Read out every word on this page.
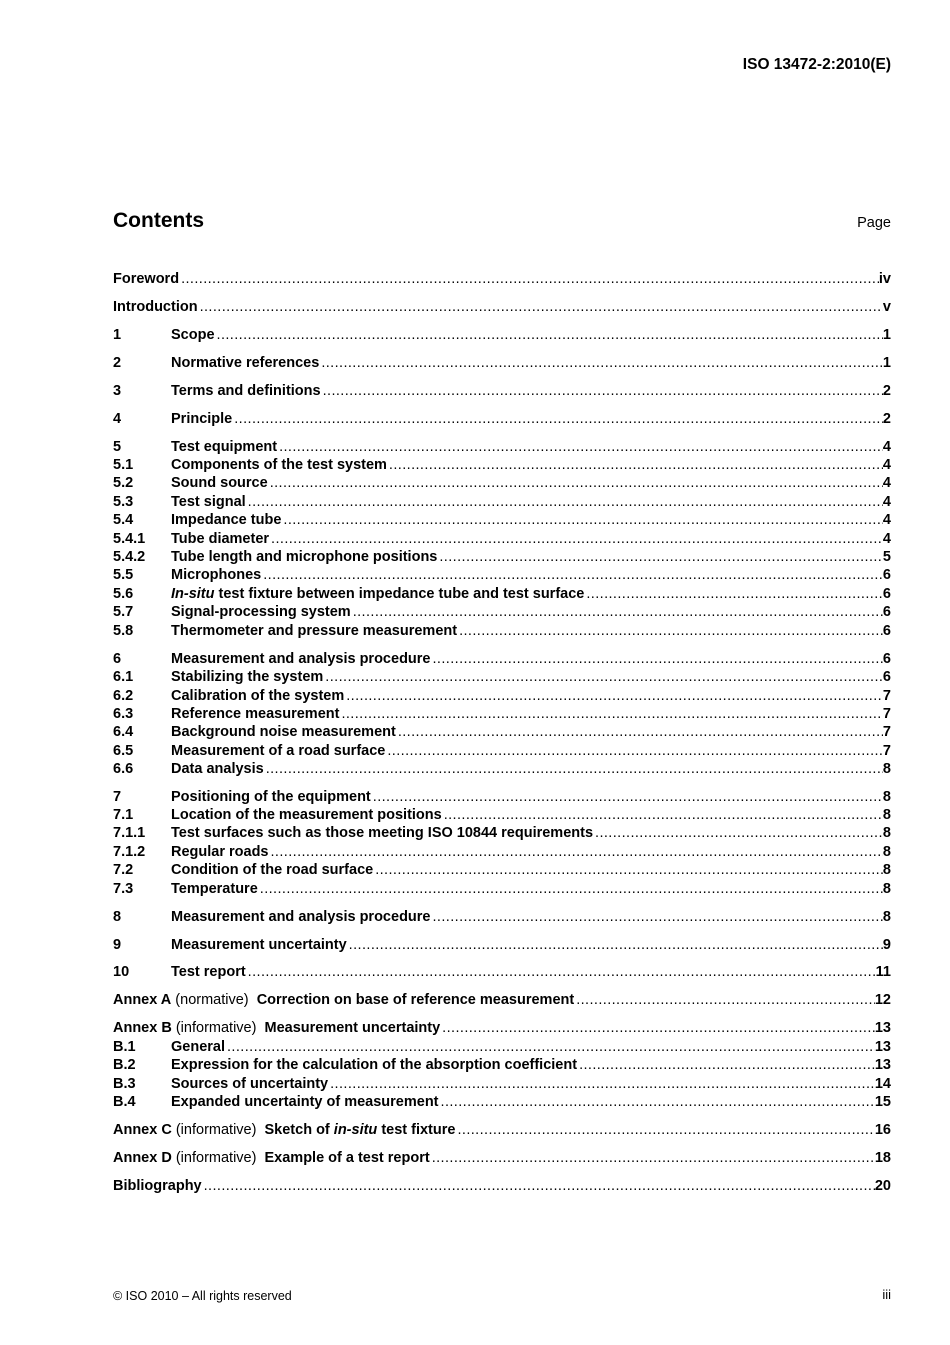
ISO 13472-2:2010(E)
Contents	Page
Foreword .....	iv
Introduction .....	v
1	Scope .....	1
2	Normative references .....	1
3	Terms and definitions .....	2
4	Principle .....	2
5	Test equipment .....	4
5.1	Components of the test system .....	4
5.2	Sound source .....	4
5.3	Test signal .....	4
5.4	Impedance tube .....	4
5.4.1	Tube diameter .....	4
5.4.2	Tube length and microphone positions .....	5
5.5	Microphones .....	6
5.6	In-situ test fixture between impedance tube and test surface .....	6
5.7	Signal-processing system .....	6
5.8	Thermometer and pressure measurement .....	6
6	Measurement and analysis procedure .....	6
6.1	Stabilizing the system .....	6
6.2	Calibration of the system .....	7
6.3	Reference measurement .....	7
6.4	Background noise measurement .....	7
6.5	Measurement of a road surface .....	7
6.6	Data analysis .....	8
7	Positioning of the equipment .....	8
7.1	Location of the measurement positions .....	8
7.1.1	Test surfaces such as those meeting ISO 10844 requirements .....	8
7.1.2	Regular roads .....	8
7.2	Condition of the road surface .....	8
7.3	Temperature .....	8
8	Measurement and analysis procedure .....	8
9	Measurement uncertainty .....	9
10	Test report .....	11
Annex A (normative)  Correction on base of reference measurement .....	12
Annex B (informative)  Measurement uncertainty .....	13
B.1	General .....	13
B.2	Expression for the calculation of the absorption coefficient .....	13
B.3	Sources of uncertainty .....	14
B.4	Expanded uncertainty of measurement .....	15
Annex C (informative)  Sketch of in-situ test fixture .....	16
Annex D (informative)  Example of a test report .....	18
Bibliography .....	20
© ISO 2010 – All rights reserved	iii
